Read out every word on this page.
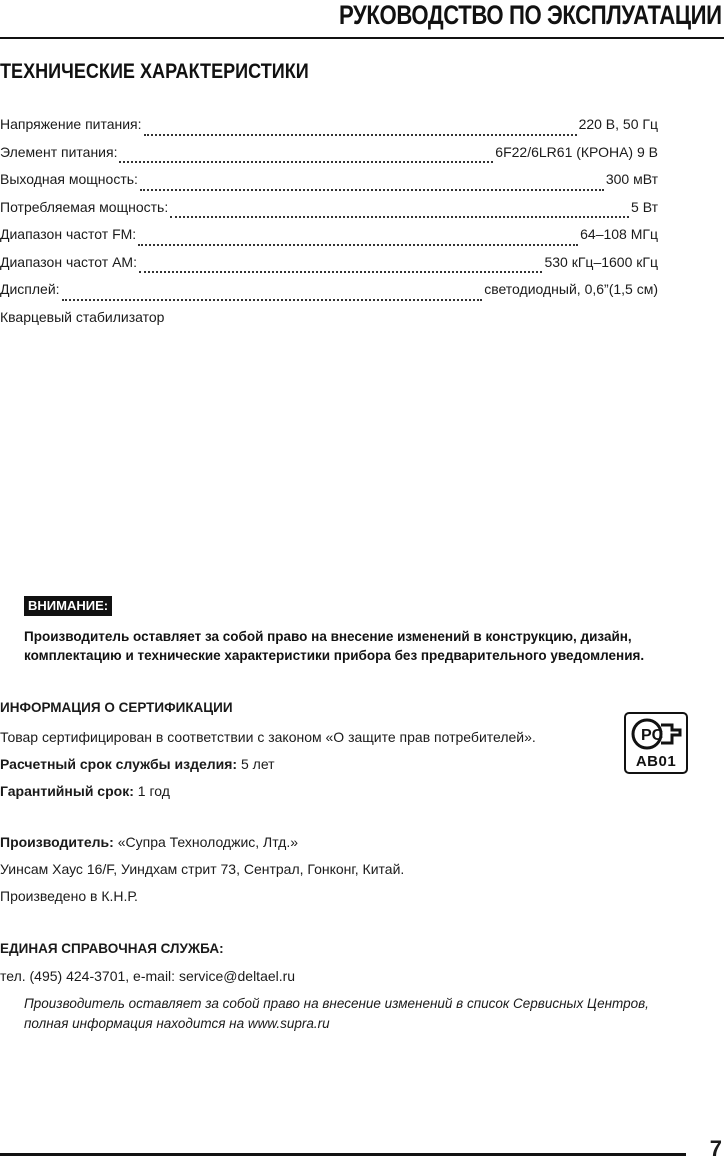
РУКОВОДСТВО ПО ЭКСПЛУАТАЦИИ
ТЕХНИЧЕСКИЕ ХАРАКТЕРИСТИКИ
Напряжение питания:	220 В, 50 Гц
Элемент питания:	6F22/6LR61 (КРОНА) 9 В
Выходная мощность:	300 мВт
Потребляемая мощность:	5 Вт
Диапазон частот FM:	64–108 МГц
Диапазон частот AM:	530 кГц–1600 кГц
Дисплей:	светодиодный, 0,6”(1,5 см)
Кварцевый стабилизатор
ВНИМАНИЕ:
Производитель оставляет за собой право на внесение изменений в конструкцию, дизайн, комплектацию и технические характеристики прибора без предварительного уведомления.
ИНФОРМАЦИЯ О СЕРТИФИКАЦИИ
Товар сертифицирован в соответствии с законом «О защите прав потребителей».
Расчетный срок службы изделия: 5 лет
Гарантийный срок: 1 год
PC
АВ01
Производитель: «Супра Технолоджис, Лтд.»
Уинсам Хаус 16/F, Уиндхам стрит 73, Сентрал, Гонконг, Китай.
Произведено в К.Н.Р.
ЕДИНАЯ СПРАВОЧНАЯ СЛУЖБА:
тел. (495) 424-3701, e-mail: service@deltael.ru
Производитель оставляет за собой право на внесение изменений в список Сервисных Центров, полная информация находится на www.supra.ru
7
